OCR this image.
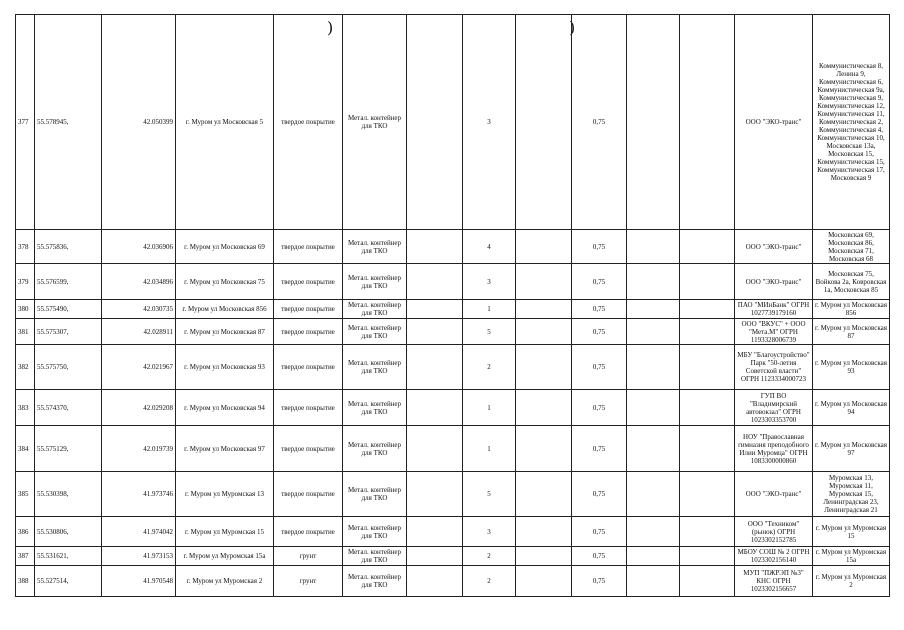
)	)
377	55.578945,	42.050399	г. Муром ул Московская 5	твердое покрытие	Метал. контейнер для ТКО		3		0,75			ООО "ЭКО-транс"	Коммунистическая 8, Ленина 9, Коммунистическая 6, Коммунистическая 9а, Коммунистическая 9, Коммунистическая 12, Коммунистическая 11, Коммунистическая 2, Коммунистическая 4, Коммунистическая 10, Московская 13а, Московская 15, Коммунистическая 15, Коммунистическая 17, Московская 9
378	55.575836,	42.036906	г. Муром ул Московская 69	твердое покрытие	Метал. контейнер для ТКО		4		0,75			ООО "ЭКО-транс"	Московская 69, Московская 86, Московская 71, Московская 68
379	55.576599,	42.034896	г. Муром ул Московская 75	твердое покрытие	Метал. контейнер для ТКО		3		0,75			ООО "ЭКО-транс"	Московская 75, Войкова 2а, Ковровская 1а, Московская 85
380	55.575490,	42.030735	г. Муром ул Московская 856	твердое покрытие	Метал. контейнер для ТКО		1		0,75			ПАО "МИнБанк" ОГРН 1027739179160	г. Муром ул Московская 856
381	55.575307,	42.028911	г. Муром ул Московская 87	твердое покрытие	Метал. контейнер для ТКО		5		0,75			ООО "ВКУС" + ООО "Мета.М" ОГРН 1193328006739	г. Муром ул Московская 87
382	55.575750,	42.021967	г. Муром ул Московская 93	твердое покрытие	Метал. контейнер для ТКО		2		0,75			МБУ "Благоустройство" Парк "50-летия Советской власти" ОГРН 1123334000723	г. Муром ул Московская 93
383	55.574370,	42.029208	г. Муром ул Московская 94	твердое покрытие	Метал. контейнер для ТКО		1		0,75			ГУП ВО "Владимирский автовокзал" ОГРН 1023303353700	г. Муром ул Московская 94
384	55.575129,	42.019739	г. Муром ул Московская 97	твердое покрытие	Метал. контейнер для ТКО		1		0,75			НОУ "Православная гимназия преподобного Илии Муромца" ОГРН 1083300000860	г. Муром ул Московская 97
385	55.530398,	41.973746	г. Муром ул Муромская 13	твердое покрытие	Метал. контейнер для ТКО		5		0,75			ООО "ЭКО-транс"	Муромская 13, Муромская 11, Муромская 15, Ленинградская 23, Ленинградская 21
386	55.530806,	41.974042	г. Муром ул Муромская 15	твердое покрытие	Метал. контейнер для ТКО		3		0,75			ООО "Техником" (рынок) ОГРН 1023302152785	г. Муром ул Муромская 15
387	55.531621,	41.973153	г. Муром ул Муромская 15а	грунт	Метал. контейнер для ТКО		2		0,75			МБОУ СОШ № 2 ОГРН 1023302156140	г. Муром ул Муромская 15а
388	55.527514,	41.970548	г. Муром ул Муромская 2	грунт	Метал. контейнер для ТКО		2		0,75			МУП "ПЖРЭП №3" КНС ОГРН 1023302156657	г. Муром ул Муромская 2
